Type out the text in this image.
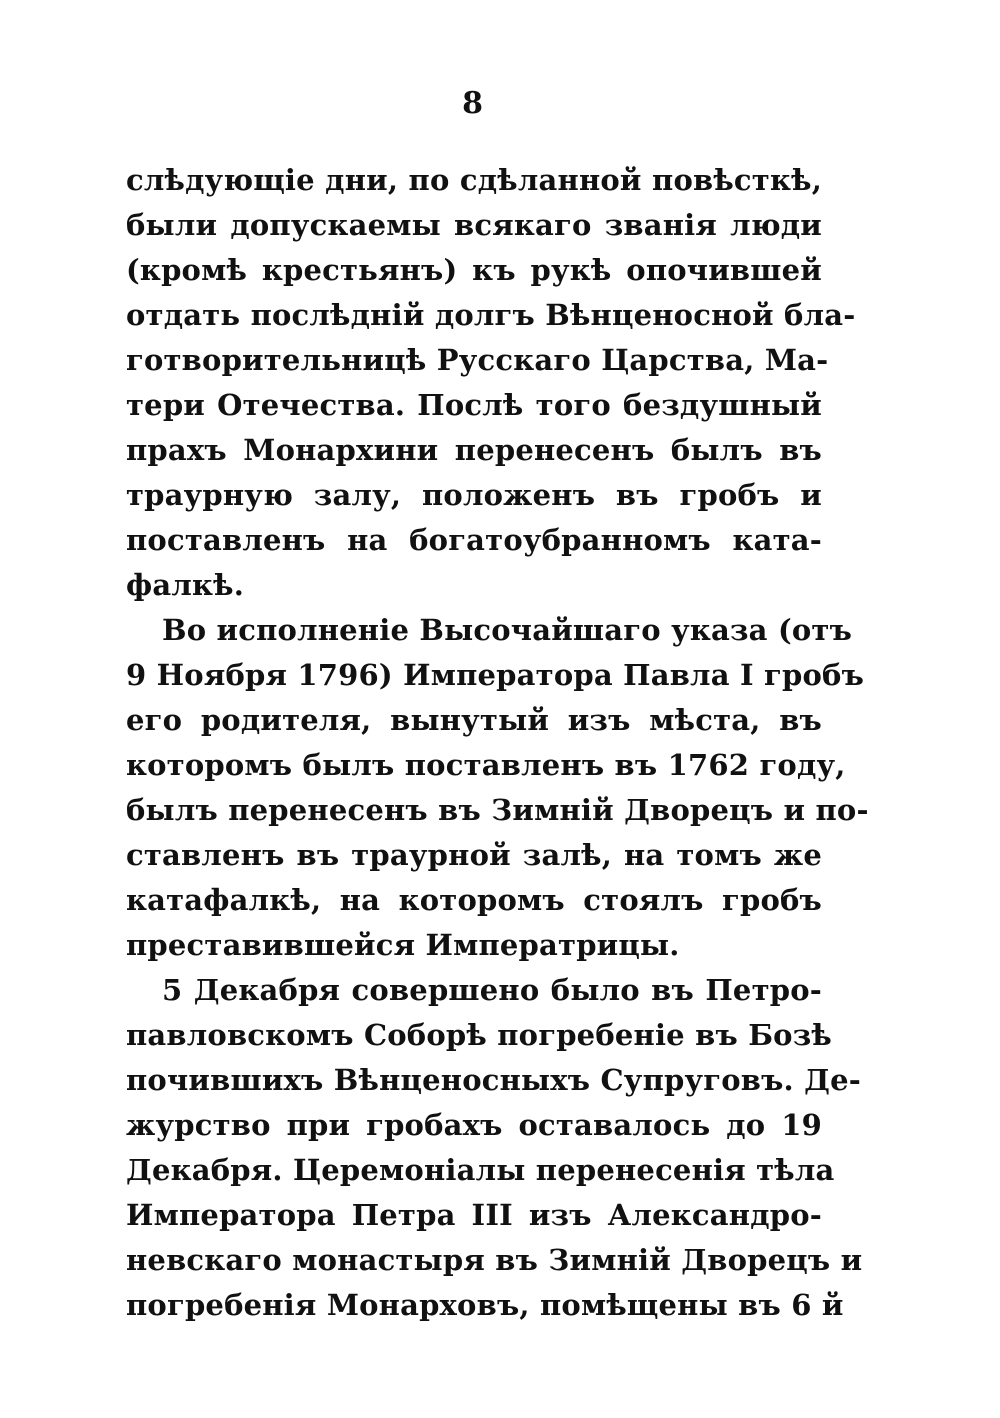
8
слѣдующіе дни, по сдѣланной повѣсткѣ,
были допускаемы всякаго званія люди
(кромѣ крестьянъ) къ рукѣ опочившей
отдать послѣдній долгъ Вѣнценосной бла-
готворительницѣ Русскаго Царства, Ма-
тери Отечества. Послѣ того бездушный
прахъ Монархини перенесенъ былъ въ
траурную залу, положенъ въ гробъ и
поставленъ на богатоубранномъ ката-
фалкѣ.
Во исполненіе Высочайшаго указа (отъ
9 Ноября 1796) Императора Павла I гробъ
его родителя, вынутый изъ мѣста, въ
которомъ былъ поставленъ въ 1762 году,
былъ перенесенъ въ Зимній Дворецъ и по-
ставленъ въ траурной залѣ, на томъ же
катафалкѣ, на которомъ стоялъ гробъ
преставившейся Императрицы.
5 Декабря совершено было въ Петро-
павловскомъ Соборѣ погребеніе въ Бозѣ
почившихъ Вѣнценосныхъ Супруговъ. Де-
журство при гробахъ оставалось до 19
Декабря. Церемоніалы перенесенія тѣла
Императора Петра III изъ Александро-
невскаго монастыря въ Зимній Дворецъ и
погребенія Монарховъ, помѣщены въ 6 й
